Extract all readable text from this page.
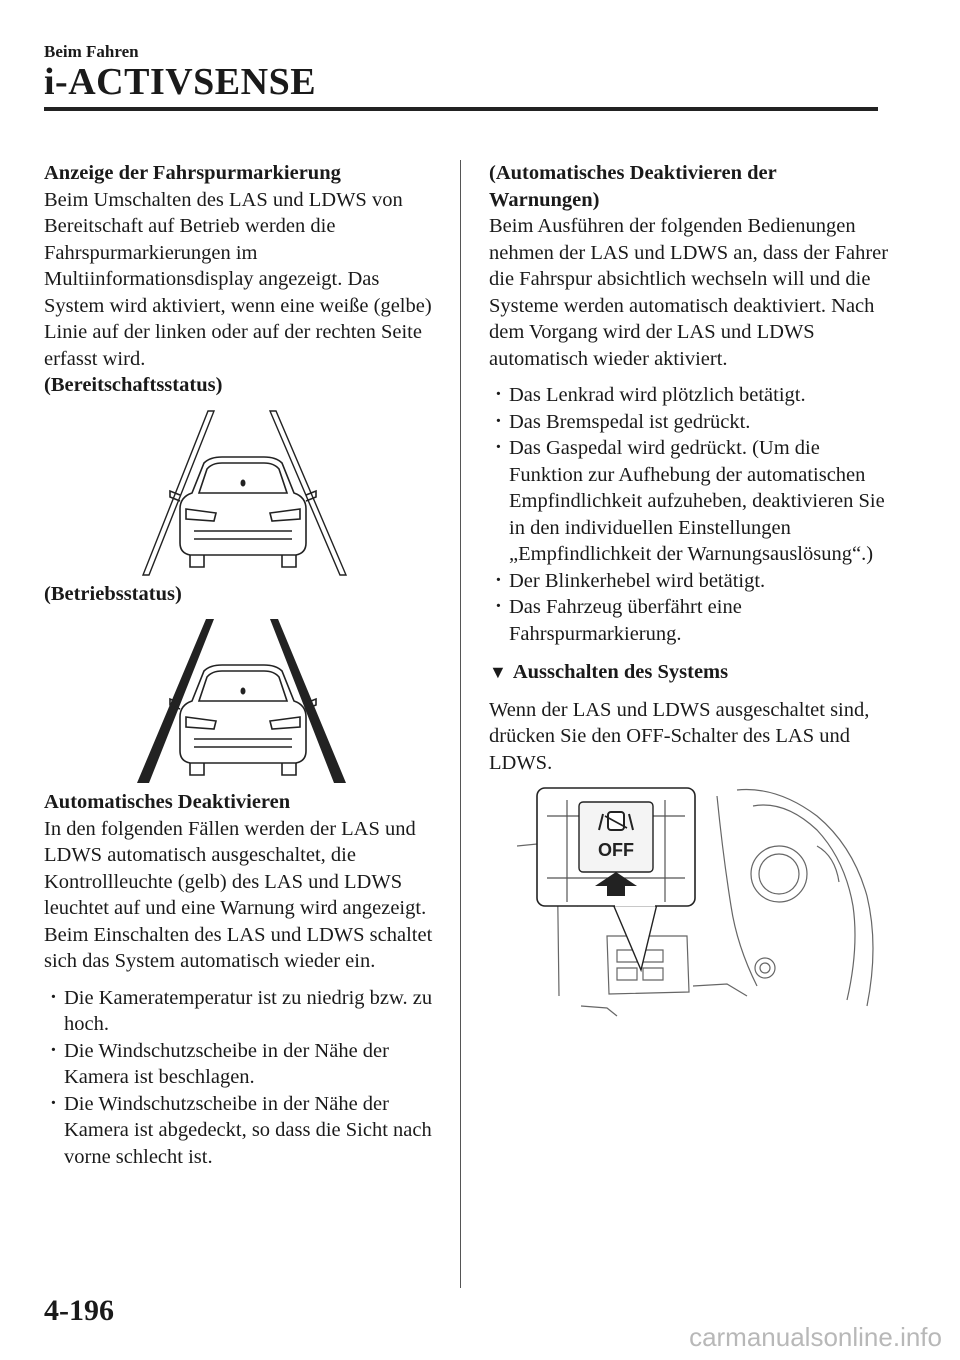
Beim Fahren
i-ACTIVSENSE

Anzeige der Fahrspurmarkierung

Beim Umschalten des LAS und LDWS von Bereitschaft auf Betrieb werden die Fahrspurmarkierungen im Multiinformationsdisplay angezeigt. Das System wird aktiviert, wenn eine weiße (gelbe) Linie auf der linken oder auf der rechten Seite erfasst wird.

(Bereitschaftsstatus)

(Betriebsstatus)

Automatisches Deaktivieren

In den folgenden Fällen werden der LAS und LDWS automatisch ausgeschaltet, die Kontrollleuchte (gelb) des LAS und LDWS leuchtet auf und eine Warnung wird angezeigt. Beim Einschalten des LAS und LDWS schaltet sich das System automatisch wieder ein.

· Die Kameratemperatur ist zu niedrig bzw. zu hoch.
· Die Windschutzscheibe in der Nähe der Kamera ist beschlagen.
· Die Windschutzscheibe in der Nähe der Kamera ist abgedeckt, so dass die Sicht nach vorne schlecht ist.

(Automatisches Deaktivieren der Warnungen)

Beim Ausführen der folgenden Bedienungen nehmen der LAS und LDWS an, dass der Fahrer die Fahrspur absichtlich wechseln will und die Systeme werden automatisch deaktiviert. Nach dem Vorgang wird der LAS und LDWS automatisch wieder aktiviert.

· Das Lenkrad wird plötzlich betätigt.
· Das Bremspedal ist gedrückt.
· Das Gaspedal wird gedrückt. (Um die Funktion zur Aufhebung der automatischen Empfindlichkeit aufzuheben, deaktivieren Sie in den individuellen Einstellungen „Empfindlichkeit der Warnungsauslösung“.)
· Der Blinkerhebel wird betätigt.
· Das Fahrzeug überfährt eine Fahrspurmarkierung.

▼ Ausschalten des Systems

Wenn der LAS und LDWS ausgeschaltet sind, drücken Sie den OFF-Schalter des LAS und LDWS.

OFF
4-196
carmanualsonline.info
